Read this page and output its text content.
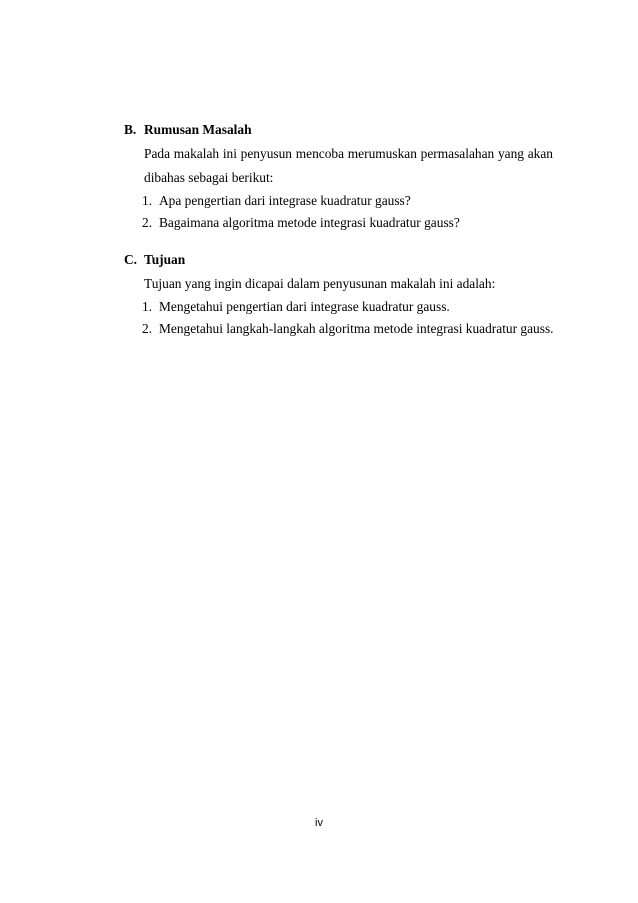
B. Rumusan Masalah
Pada makalah ini penyusun mencoba merumuskan permasalahan yang akan dibahas sebagai berikut:
1. Apa pengertian dari integrase kuadratur gauss?
2. Bagaimana algoritma metode integrasi kuadratur gauss?
C. Tujuan
Tujuan yang ingin dicapai dalam penyusunan makalah ini adalah:
1. Mengetahui pengertian dari integrase kuadratur gauss.
2. Mengetahui langkah-langkah algoritma metode integrasi kuadratur gauss.
iv
